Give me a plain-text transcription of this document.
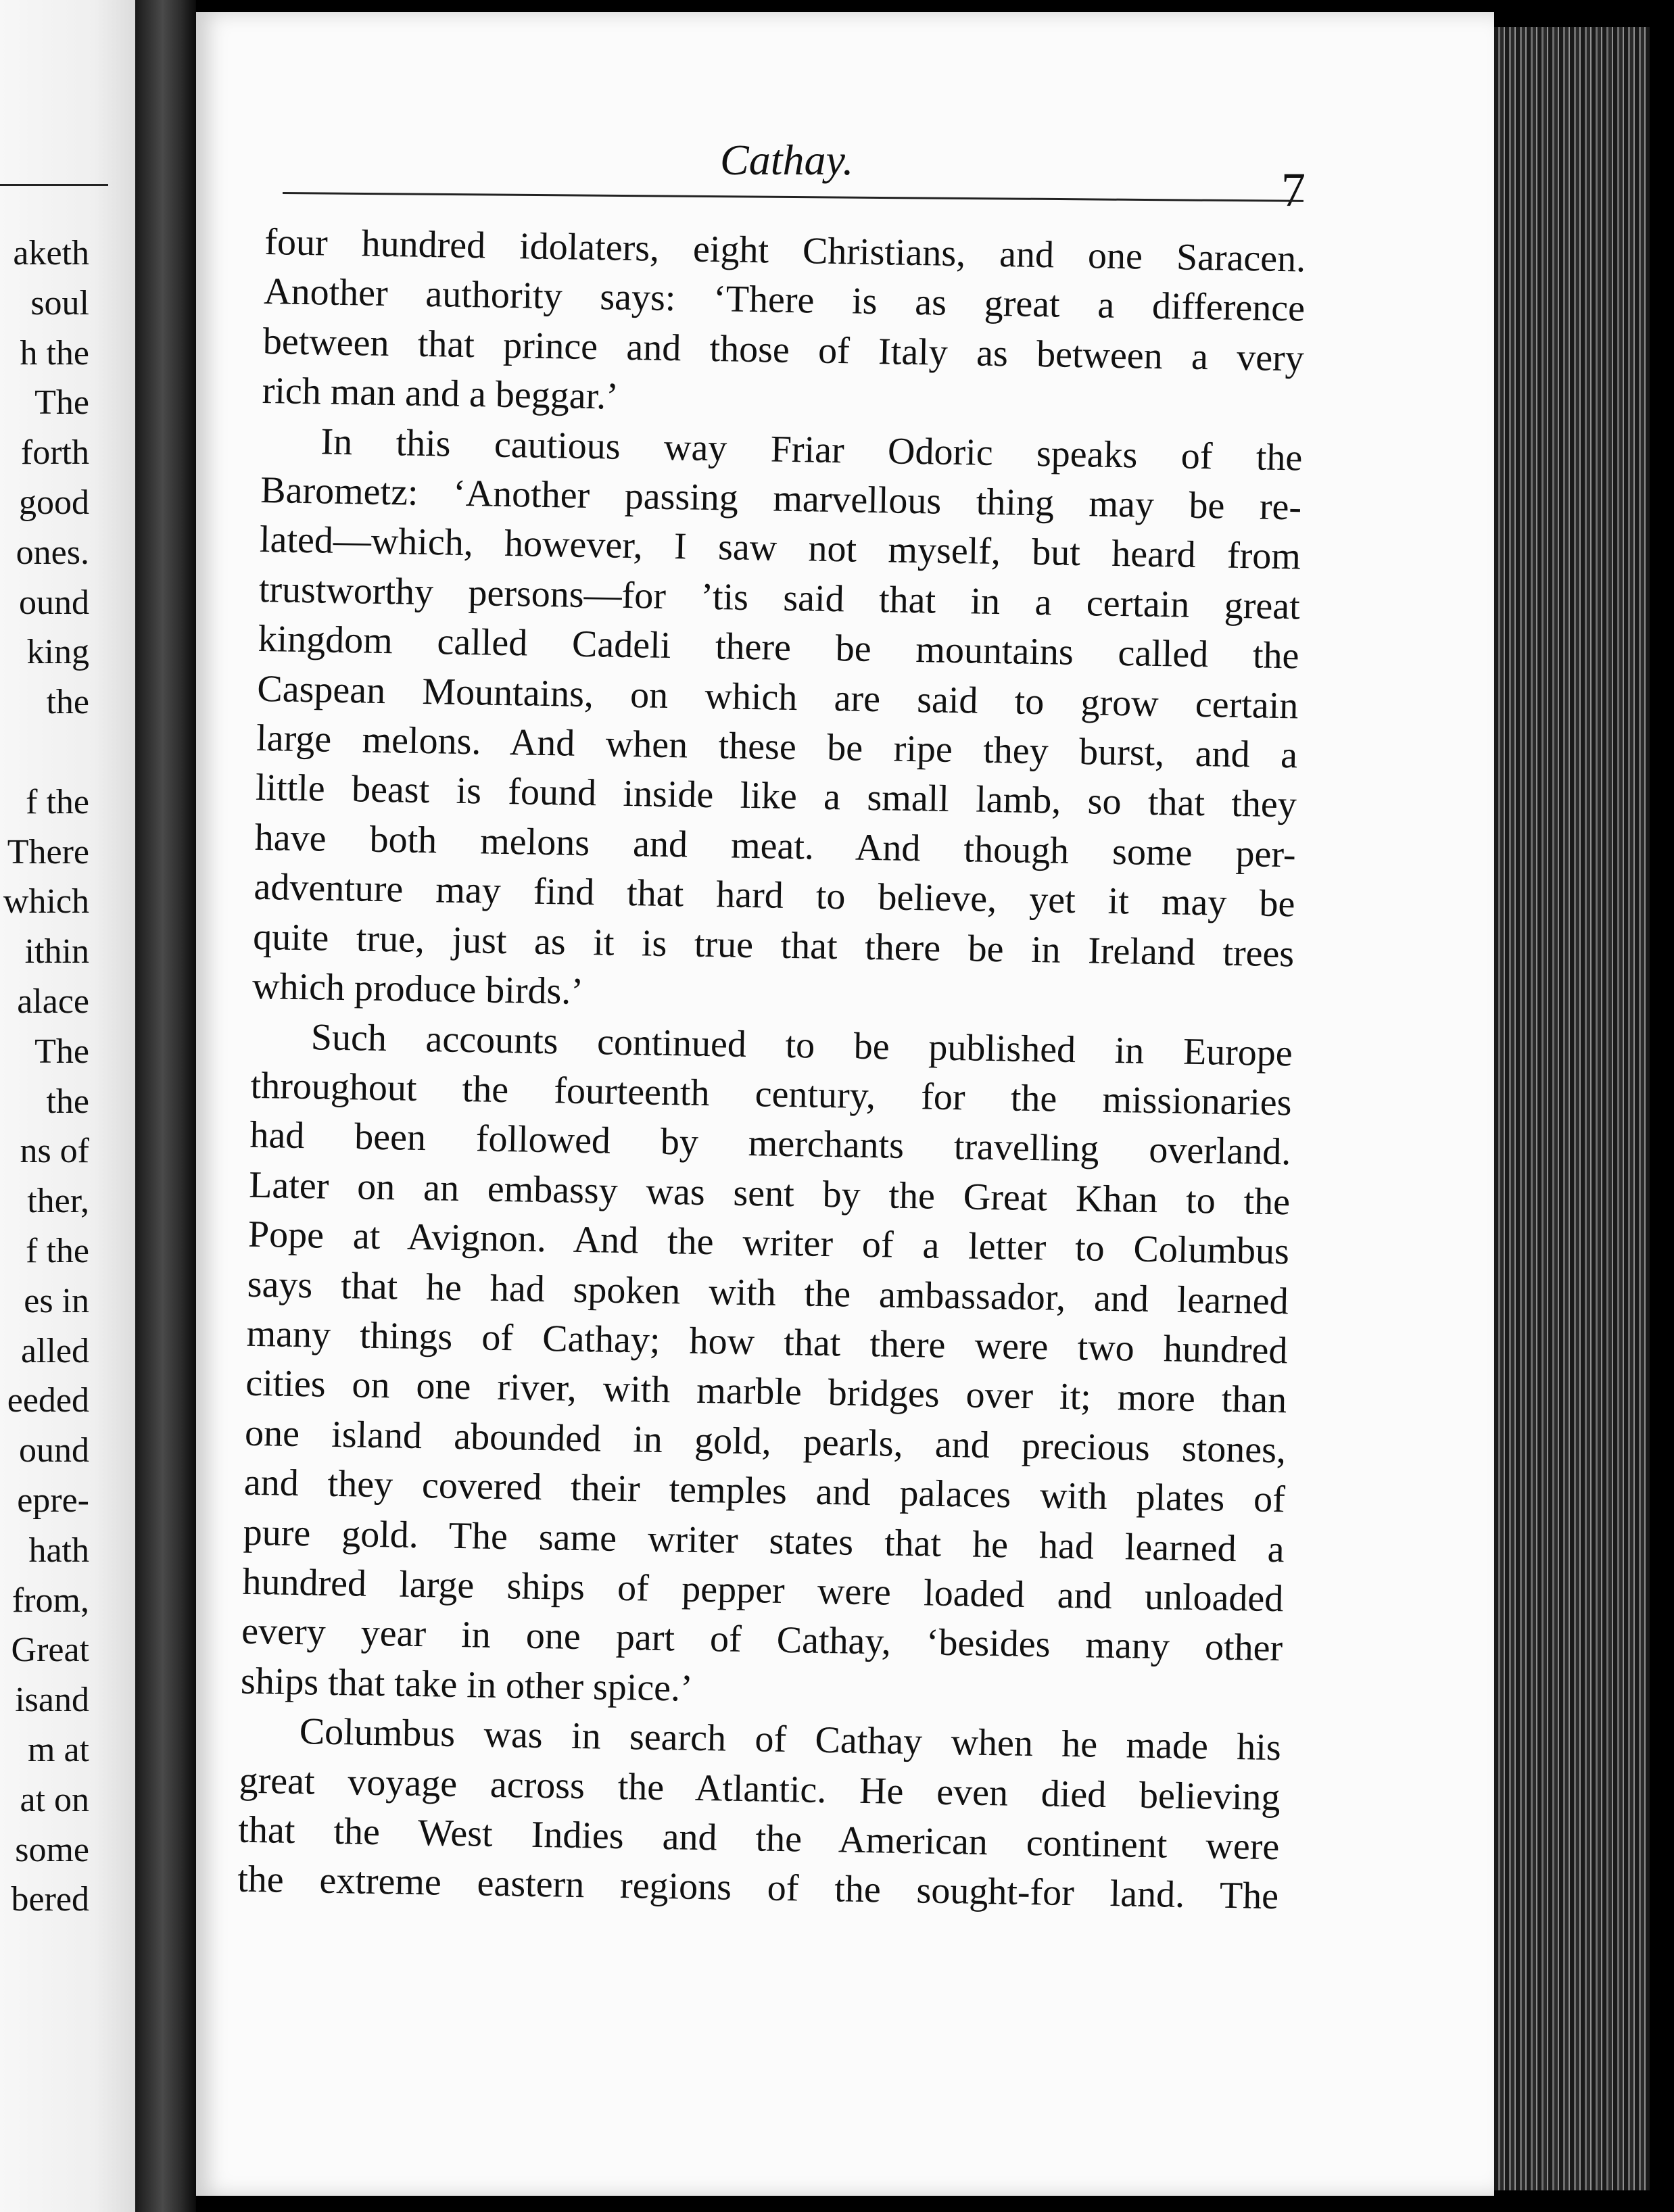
aketh
soul
h the
The
forth
good
ones.
ound
king
the
f the
There
which
ithin
alace
The
the
ns of
ther,
f the
es in
alled
eeded
ound
epre-
hath
from,
Great
isand
m at
at on
some
bered
Cathay.
7
four hundred idolaters, eight Christians, and one Saracen.
Another authority says: ‘There is as great a difference
between that prince and those of Italy as between a very
rich man and a beggar.’
In this cautious way Friar Odoric speaks of the
Barometz: ‘Another passing marvellous thing may be re-
lated—which, however, I saw not myself, but heard from
trustworthy persons—for ’tis said that in a certain great
kingdom called Cadeli there be mountains called the
Caspean Mountains, on which are said to grow certain
large melons. And when these be ripe they burst, and a
little beast is found inside like a small lamb, so that they
have both melons and meat. And though some per-
adventure may find that hard to believe, yet it may be
quite true, just as it is true that there be in Ireland trees
which produce birds.’
Such accounts continued to be published in Europe
throughout the fourteenth century, for the missionaries
had been followed by merchants travelling overland.
Later on an embassy was sent by the Great Khan to the
Pope at Avignon. And the writer of a letter to Columbus
says that he had spoken with the ambassador, and learned
many things of Cathay; how that there were two hundred
cities on one river, with marble bridges over it; more than
one island abounded in gold, pearls, and precious stones,
and they covered their temples and palaces with plates of
pure gold. The same writer states that he had learned a
hundred large ships of pepper were loaded and unloaded
every year in one part of Cathay, ‘besides many other
ships that take in other spice.’
Columbus was in search of Cathay when he made his
great voyage across the Atlantic. He even died believing
that the West Indies and the American continent were
the extreme eastern regions of the sought-for land. The
